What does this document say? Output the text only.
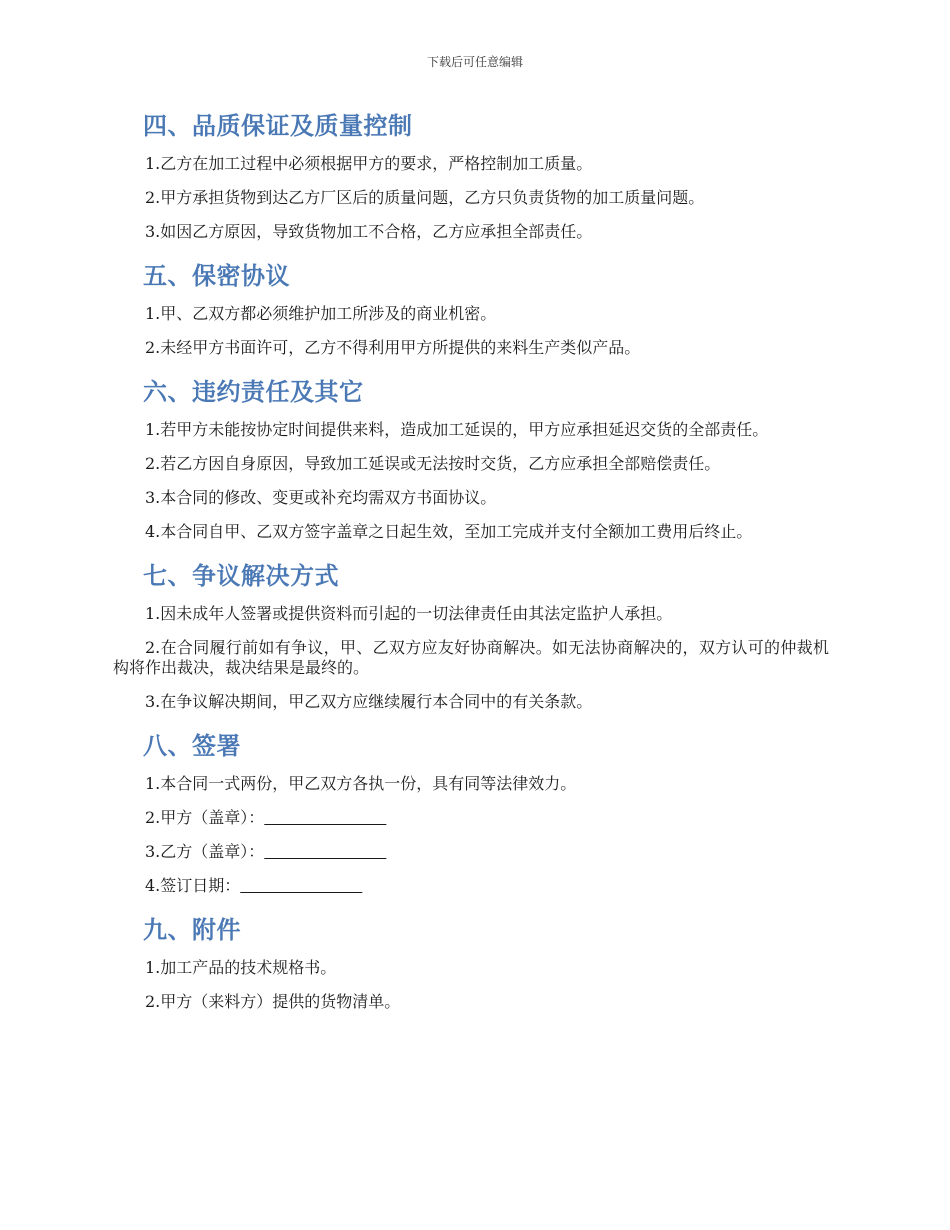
下载后可任意编辑
四、品质保证及质量控制

1.乙方在加工过程中必须根据甲方的要求，严格控制加工质量。

2.甲方承担货物到达乙方厂区后的质量问题，乙方只负责货物的加工质量问题。

3.如因乙方原因，导致货物加工不合格，乙方应承担全部责任。

五、保密协议

1.甲、乙双方都必须维护加工所涉及的商业机密。

2.未经甲方书面许可，乙方不得利用甲方所提供的来料生产类似产品。

六、违约责任及其它

1.若甲方未能按协定时间提供来料，造成加工延误的，甲方应承担延迟交货的全部责任。

2.若乙方因自身原因，导致加工延误或无法按时交货，乙方应承担全部赔偿责任。

3.本合同的修改、变更或补充均需双方书面协议。

4.本合同自甲、乙双方签字盖章之日起生效，至加工完成并支付全额加工费用后终止。

七、争议解决方式

1.因未成年人签署或提供资料而引起的一切法律责任由其法定监护人承担。

2.在合同履行前如有争议，甲、乙双方应友好协商解决。如无法协商解决的，双方认可的仲裁机构将作出裁决，裁决结果是最终的。

3.在争议解决期间，甲乙双方应继续履行本合同中的有关条款。

八、签署

1.本合同一式两份，甲乙双方各执一份，具有同等法律效力。

2.甲方（盖章）：

3.乙方（盖章）：

4.签订日期：

九、附件

1.加工产品的技术规格书。

2.甲方（来料方）提供的货物清单。
